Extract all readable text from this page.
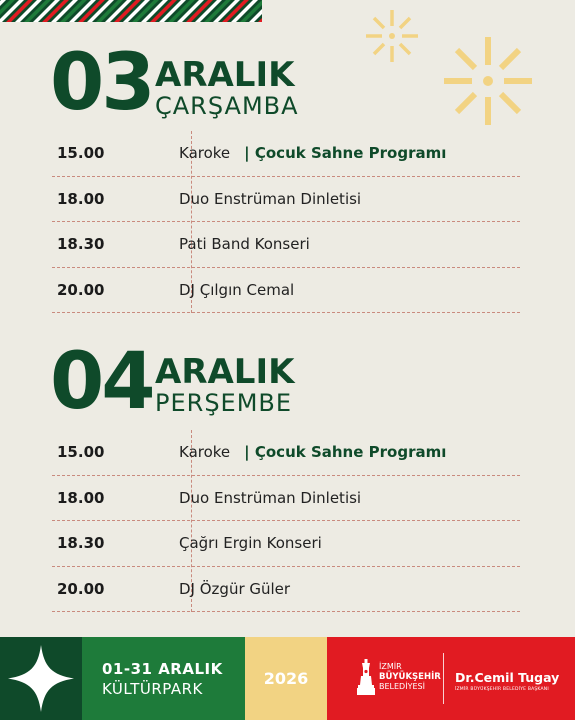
03 ARALIK
ÇARŞAMBA
15.00	Karoke | Çocuk Sahne Programı
18.00	Duo Enstrüman Dinletisi
18.30	Pati Band Konseri
20.00	DJ Çılgın Cemal
04 ARALIK
PERŞEMBE
15.00	Karoke | Çocuk Sahne Programı
18.00	Duo Enstrüman Dinletisi
18.30	Çağrı Ergin Konseri
20.00	DJ Özgür Güler
01-31 ARALIK
KÜLTÜRPARK
2026
İZMİR
BÜYÜKŞEHİR
BELEDİYESİ
Dr.Cemil Tugay
İZMİR BÜYÜKŞEHİR BELEDİYE BAŞKANI
